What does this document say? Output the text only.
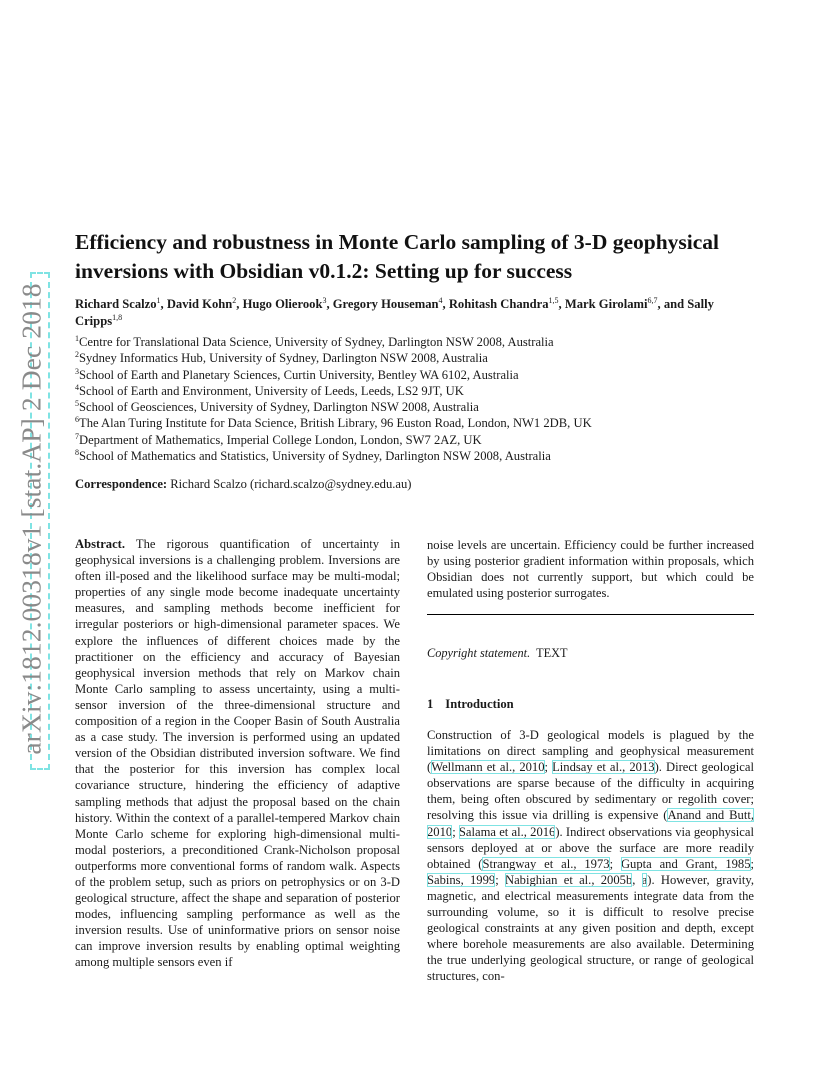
arXiv:1812.00318v1 [stat.AP] 2 Dec 2018
Efficiency and robustness in Monte Carlo sampling of 3-D geophysical inversions with Obsidian v0.1.2: Setting up for success
Richard Scalzo$^1$, David Kohn$^2$, Hugo Olierook$^3$, Gregory Houseman$^4$, Rohitash Chandra$^{1,5}$, Mark Girolami$^{6,7}$, and Sally Cripps$^{1,8}$
$^1$Centre for Translational Data Science, University of Sydney, Darlington NSW 2008, Australia
$^2$Sydney Informatics Hub, University of Sydney, Darlington NSW 2008, Australia
$^3$School of Earth and Planetary Sciences, Curtin University, Bentley WA 6102, Australia
$^4$School of Earth and Environment, University of Leeds, Leeds, LS2 9JT, UK
$^5$School of Geosciences, University of Sydney, Darlington NSW 2008, Australia
$^6$The Alan Turing Institute for Data Science, British Library, 96 Euston Road, London, NW1 2DB, UK
$^7$Department of Mathematics, Imperial College London, London, SW7 2AZ, UK
$^8$School of Mathematics and Statistics, University of Sydney, Darlington NSW 2008, Australia
Correspondence: Richard Scalzo (richard.scalzo@sydney.edu.au)
Abstract. The rigorous quantification of uncertainty in geophysical inversions is a challenging problem. Inversions are often ill-posed and the likelihood surface may be multi-modal; properties of any single mode become inadequate uncertainty measures, and sampling methods become inefficient for irregular posteriors or high-dimensional parameter spaces. We explore the influences of different choices made by the practitioner on the efficiency and accuracy of Bayesian geophysical inversion methods that rely on Markov chain Monte Carlo sampling to assess uncertainty, using a multi-sensor inversion of the three-dimensional structure and composition of a region in the Cooper Basin of South Australia as a case study. The inversion is performed using an updated version of the Obsidian distributed inversion software. We find that the posterior for this inversion has complex local covariance structure, hindering the efficiency of adaptive sampling methods that adjust the proposal based on the chain history. Within the context of a parallel-tempered Markov chain Monte Carlo scheme for exploring high-dimensional multi-modal posteriors, a preconditioned Crank-Nicholson proposal outperforms more conventional forms of random walk. Aspects of the problem setup, such as priors on petrophysics or on 3-D geological structure, affect the shape and separation of posterior modes, influencing sampling performance as well as the inversion results. Use of uninformative priors on sensor noise can improve inversion results by enabling optimal weighting among multiple sensors even if
noise levels are uncertain. Efficiency could be further increased by using posterior gradient information within proposals, which Obsidian does not currently support, but which could be emulated using posterior surrogates.
Copyright statement. TEXT
1 Introduction
Construction of 3-D geological models is plagued by the limitations on direct sampling and geophysical measurement (Wellmann et al., 2010; Lindsay et al., 2013). Direct geological observations are sparse because of the difficulty in acquiring them, being often obscured by sedimentary or regolith cover; resolving this issue via drilling is expensive (Anand and Butt, 2010; Salama et al., 2016). Indirect observations via geophysical sensors deployed at or above the surface are more readily obtained (Strangway et al., 1973; Gupta and Grant, 1985; Sabins, 1999; Nabighian et al., 2005b, a). However, gravity, magnetic, and electrical measurements integrate data from the surrounding volume, so it is difficult to resolve precise geological constraints at any given position and depth, except where borehole measurements are also available. Determining the true underlying geological structure, or range of geological structures, con-
